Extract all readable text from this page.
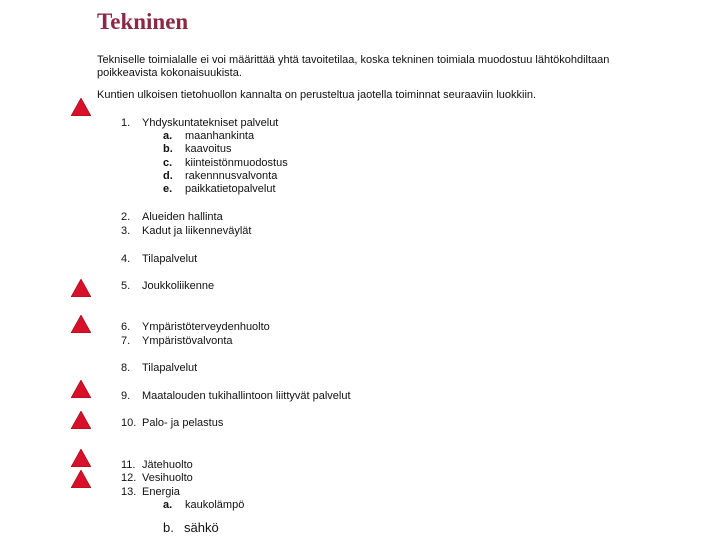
Tekninen

Tekniselle toimialalle ei voi määrittää yhtä tavoitetilaa, koska tekninen toimiala muodostuu lähtökohdiltaan poikkeavista kokonaisuukista.

Kuntien ulkoisen tietohuollon kannalta on perusteltua jaotella toiminnat seuraaviin luokkiin.

1.	Yhdyskuntatekniset palvelut
a. maanhankinta
b. kaavoitus
c. kiinteistönmuodostus
d. rakennnusvalvonta
e. paikkatietopalvelut
2.	Alueiden hallinta
3.	Kadut ja liikenneväylät
4.	Tilapalvelut
5.	Joukkoliikenne
6.	Ympäristöterveydenhuolto
7.	Ympäristövalvonta
8.	Tilapalvelut
9.	Maatalouden tukihallintoon liittyvät palvelut
10. Palo- ja pelastus
11. Jätehuolto
12. Vesihuolto
13. Energia
a. kaukolämpö
b. sähkö
